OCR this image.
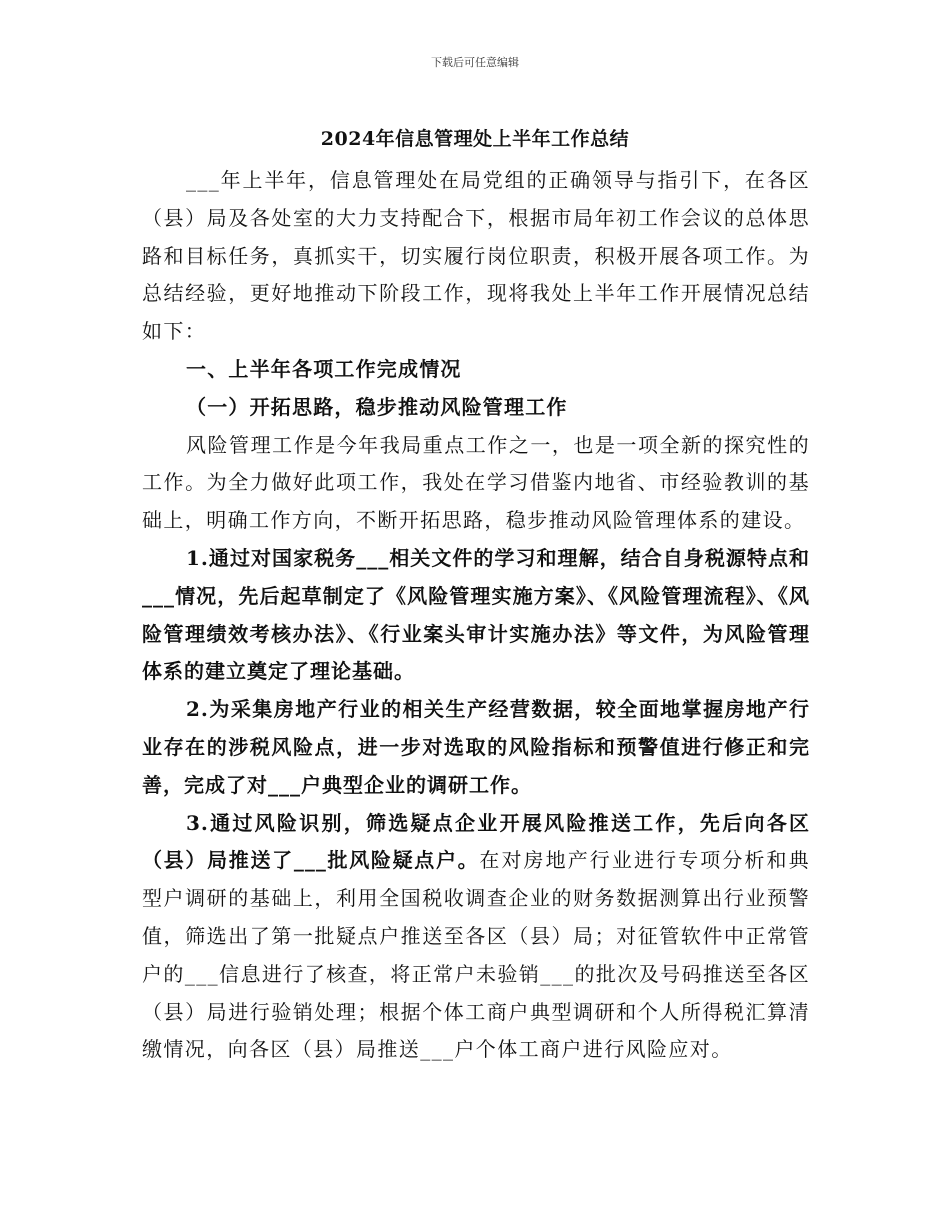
下载后可任意编辑
2024年信息管理处上半年工作总结

___年上半年，信息管理处在局党组的正确领导与指引下，在各区（县）局及各处室的大力支持配合下，根据市局年初工作会议的总体思路和目标任务，真抓实干，切实履行岗位职责，积极开展各项工作。为总结经验，更好地推动下阶段工作，现将我处上半年工作开展情况总结如下：

一、上半年各项工作完成情况

（一）开拓思路，稳步推动风险管理工作

风险管理工作是今年我局重点工作之一，也是一项全新的探究性的工作。为全力做好此项工作，我处在学习借鉴内地省、市经验教训的基础上，明确工作方向，不断开拓思路，稳步推动风险管理体系的建设。

1.通过对国家税务___相关文件的学习和理解，结合自身税源特点和___情况，先后起草制定了《风险管理实施方案》、《风险管理流程》、《风险管理绩效考核办法》、《行业案头审计实施办法》等文件，为风险管理体系的建立奠定了理论基础。

2.为采集房地产行业的相关生产经营数据，较全面地掌握房地产行业存在的涉税风险点，进一步对选取的风险指标和预警值进行修正和完善，完成了对___户典型企业的调研工作。

3.通过风险识别，筛选疑点企业开展风险推送工作，先后向各区（县）局推送了___批风险疑点户。在对房地产行业进行专项分析和典型户调研的基础上，利用全国税收调查企业的财务数据测算出行业预警值，筛选出了第一批疑点户推送至各区（县）局；对征管软件中正常管户的___信息进行了核查，将正常户未验销___的批次及号码推送至各区（县）局进行验销处理；根据个体工商户典型调研和个人所得税汇算清缴情况，向各区（县）局推送___户个体工商户进行风险应对。
